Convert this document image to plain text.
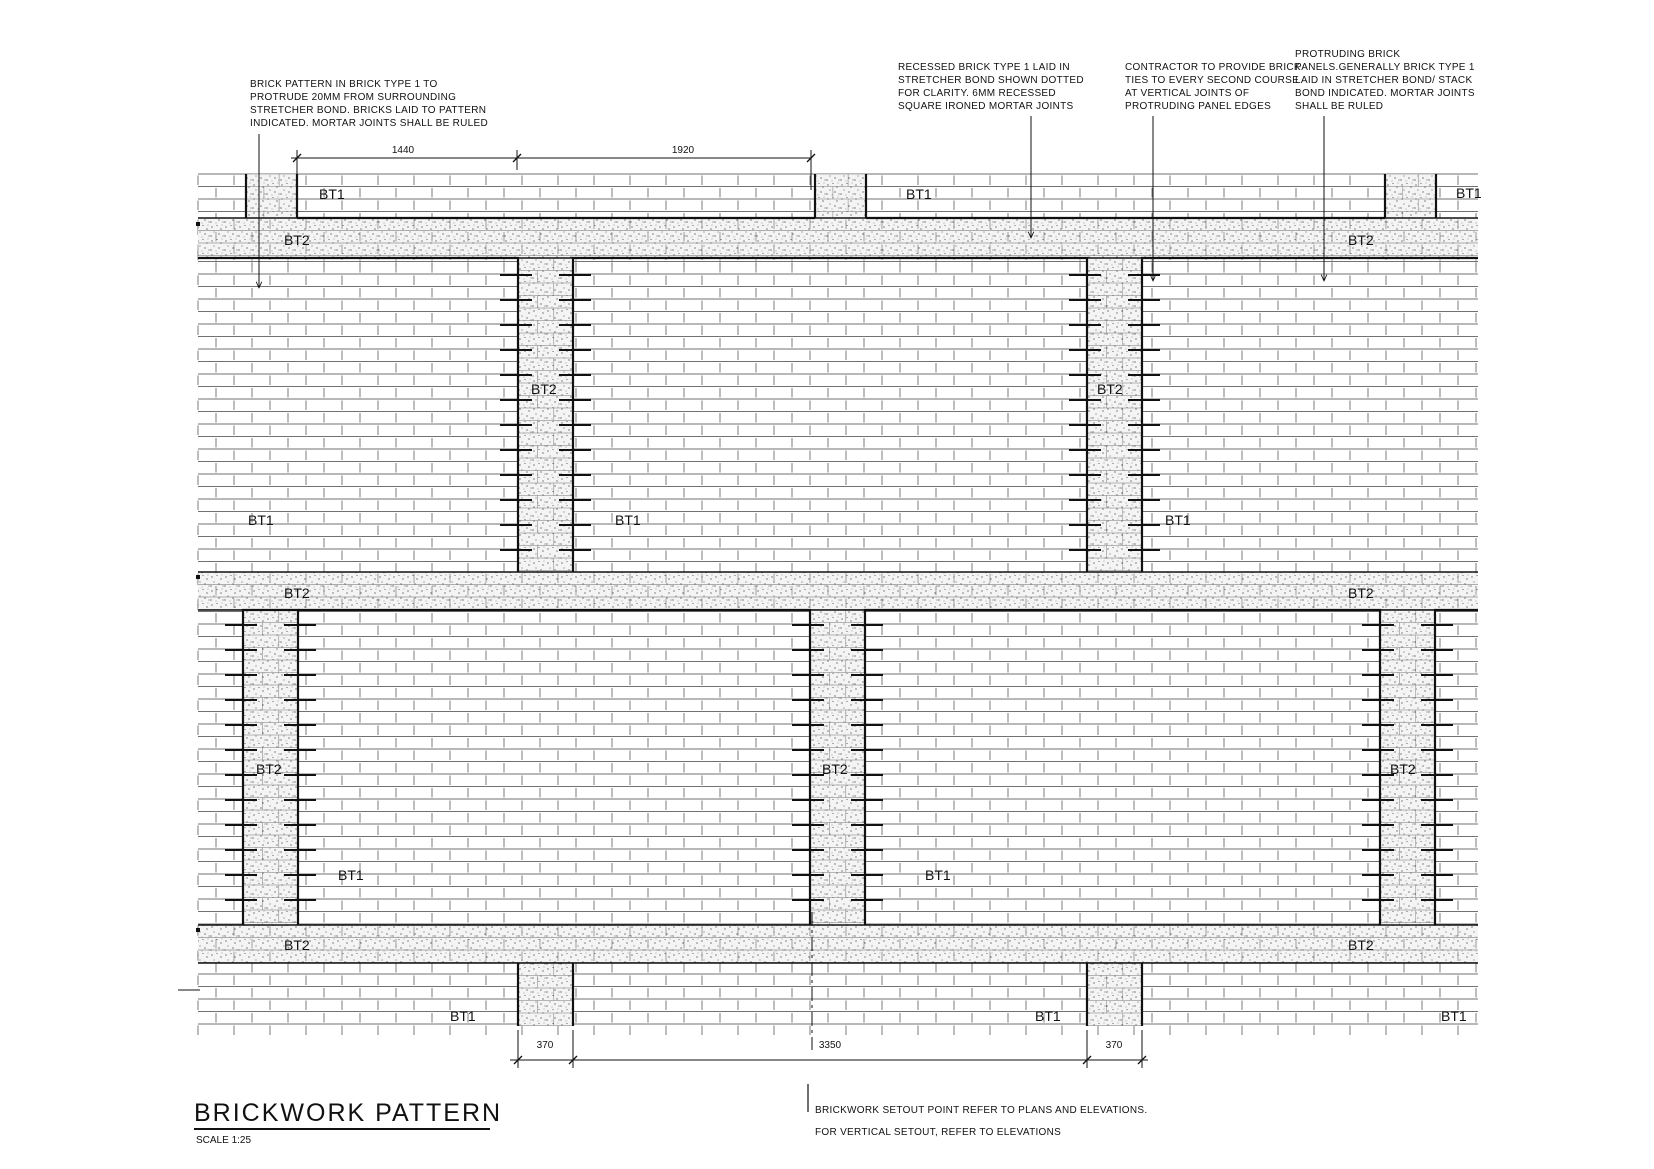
BT1	BT1	BT1
BT1	BT1	BT1
BT1	BT1
BT1	BT1	BT1
BT2	BT2
BT2	BT2
BT2	BT2
BT2	BT2	BT2
BT2	BT2
1440	1920
370	3350	370
BRICK PATTERN IN BRICK TYPE 1 TO
PROTRUDE 20MM FROM SURROUNDING
STRETCHER BOND. BRICKS LAID TO PATTERN
INDICATED. MORTAR JOINTS SHALL BE RULED
RECESSED BRICK TYPE 1 LAID IN
STRETCHER BOND SHOWN DOTTED
FOR CLARITY. 6MM RECESSED
SQUARE IRONED MORTAR JOINTS
CONTRACTOR TO PROVIDE BRICK
TIES TO EVERY SECOND COURSE
AT VERTICAL JOINTS OF
PROTRUDING PANEL EDGES
PROTRUDING BRICK
PANELS.GENERALLY BRICK TYPE 1
LAID IN STRETCHER BOND/ STACK
BOND INDICATED. MORTAR JOINTS
SHALL BE RULED
BRICKWORK PATTERN
SCALE 1:25
BRICKWORK SETOUT POINT REFER TO PLANS AND ELEVATIONS.
FOR VERTICAL SETOUT, REFER TO ELEVATIONS
